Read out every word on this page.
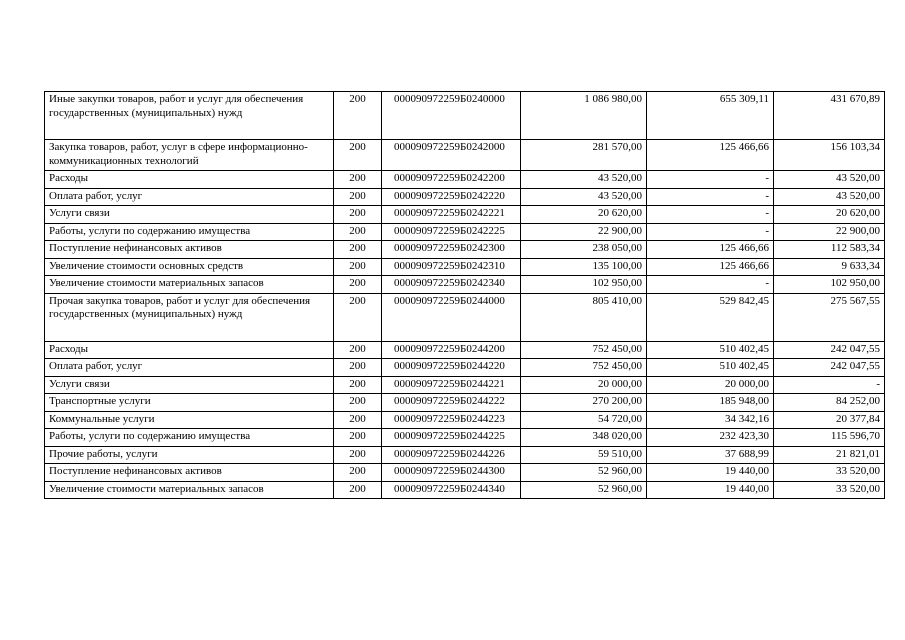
Иные закупки товаров, работ и услуг для обеспечения государственных (муниципальных) нужд	200	000090972259Б0240000	1 086 980,00	655 309,11	431 670,89
Закупка товаров, работ, услуг в сфере информационно-коммуникационных технологий	200	000090972259Б0242000	281 570,00	125 466,66	156 103,34
Расходы	200	000090972259Б0242200	43 520,00	-	43 520,00
Оплата работ, услуг	200	000090972259Б0242220	43 520,00	-	43 520,00
Услуги связи	200	000090972259Б0242221	20 620,00	-	20 620,00
Работы, услуги по содержанию имущества	200	000090972259Б0242225	22 900,00	-	22 900,00
Поступление нефинансовых активов	200	000090972259Б0242300	238 050,00	125 466,66	112 583,34
Увеличение стоимости основных средств	200	000090972259Б0242310	135 100,00	125 466,66	9 633,34
Увеличение стоимости материальных запасов	200	000090972259Б0242340	102 950,00	-	102 950,00
Прочая закупка товаров, работ и услуг для обеспечения государственных (муниципальных) нужд	200	000090972259Б0244000	805 410,00	529 842,45	275 567,55
Расходы	200	000090972259Б0244200	752 450,00	510 402,45	242 047,55
Оплата работ, услуг	200	000090972259Б0244220	752 450,00	510 402,45	242 047,55
Услуги связи	200	000090972259Б0244221	20 000,00	20 000,00	-
Транспортные услуги	200	000090972259Б0244222	270 200,00	185 948,00	84 252,00
Коммунальные услуги	200	000090972259Б0244223	54 720,00	34 342,16	20 377,84
Работы, услуги по содержанию имущества	200	000090972259Б0244225	348 020,00	232 423,30	115 596,70
Прочие работы, услуги	200	000090972259Б0244226	59 510,00	37 688,99	21 821,01
Поступление нефинансовых активов	200	000090972259Б0244300	52 960,00	19 440,00	33 520,00
Увеличение стоимости материальных запасов	200	000090972259Б0244340	52 960,00	19 440,00	33 520,00
